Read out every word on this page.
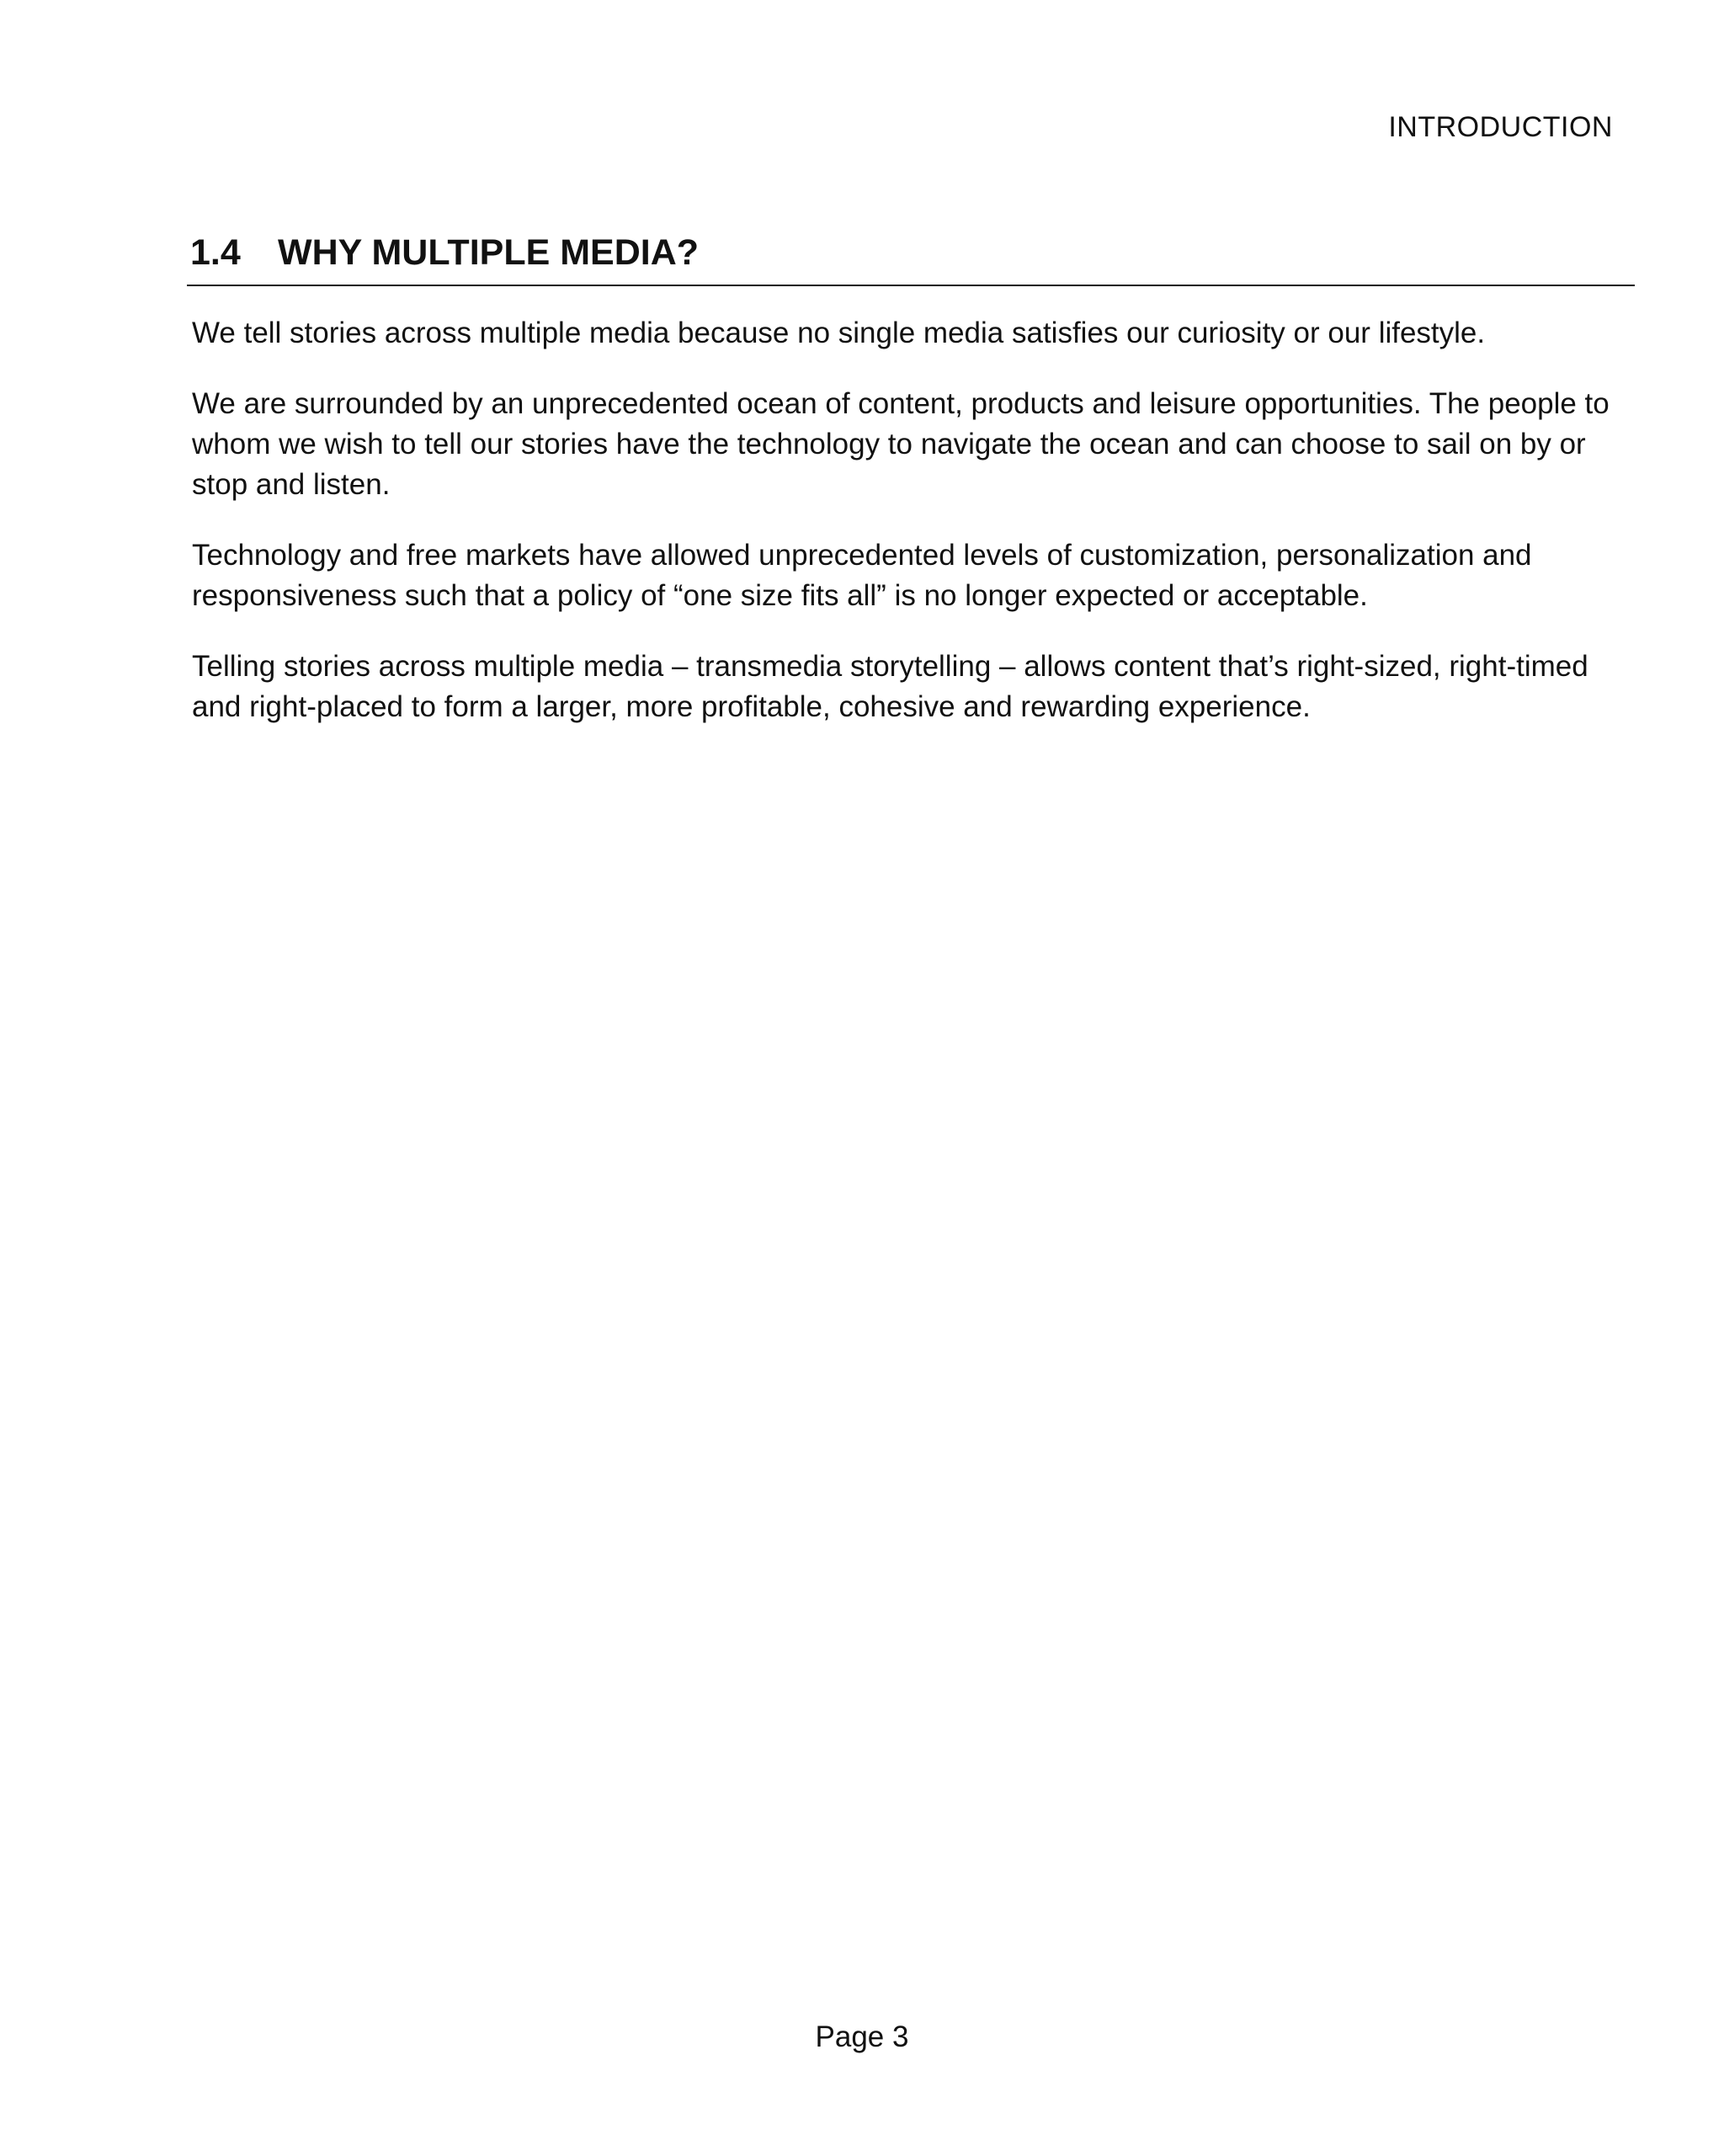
INTRODUCTION
1.4 WHY MULTIPLE MEDIA?

We tell stories across multiple media because no single media satisfies our curiosity or our lifestyle.

We are surrounded by an unprecedented ocean of content, products and leisure opportunities. The people to whom we wish to tell our stories have the technology to navigate the ocean and can choose to sail on by or stop and listen.

Technology and free markets have allowed unprecedented levels of customization, personalization and responsiveness such that a policy of “one size fits all” is no longer expected or acceptable.

Telling stories across multiple media – transmedia storytelling – allows content that’s right-sized, right-timed and right-placed to form a larger, more profitable, cohesive and rewarding experience.

Page 3
